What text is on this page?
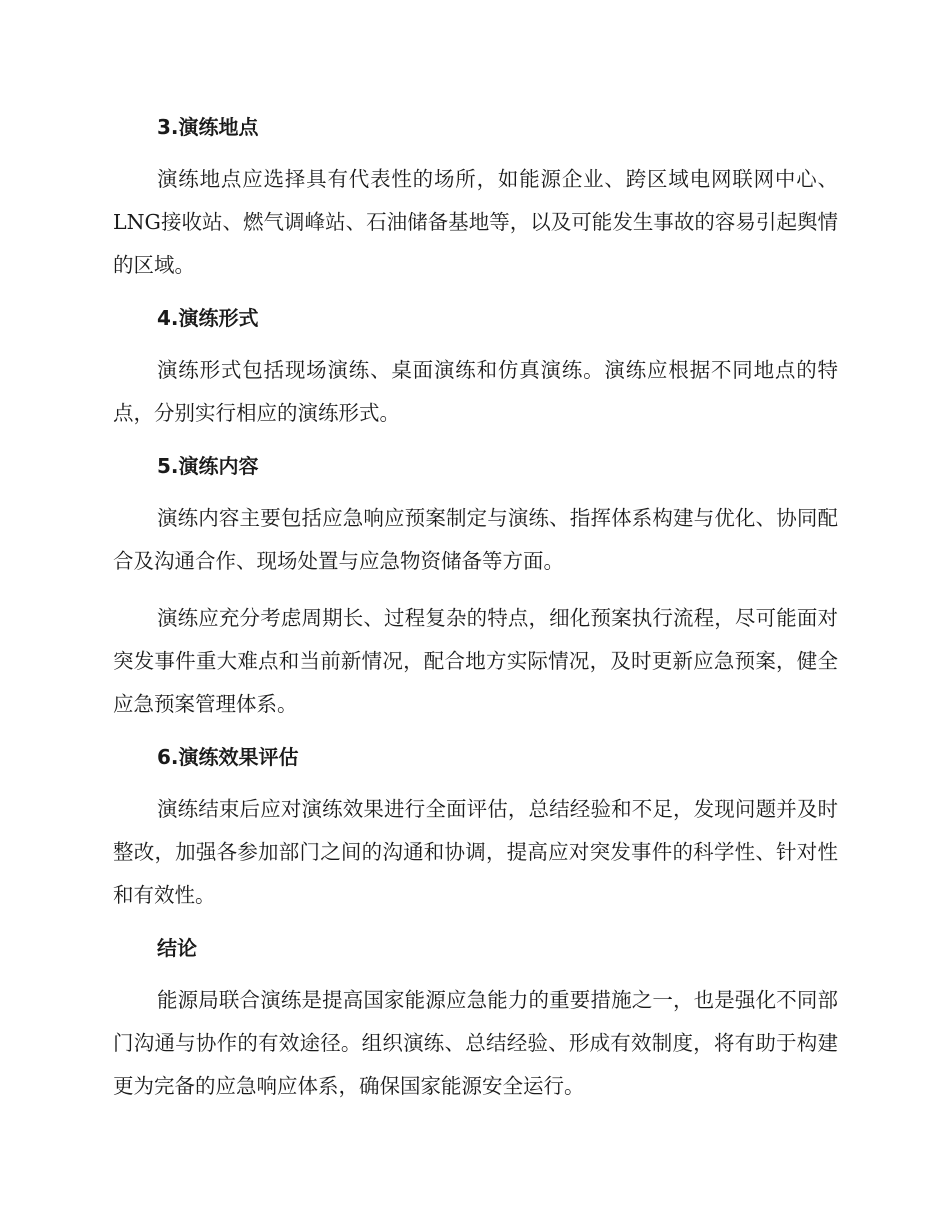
3.演练地点

演练地点应选择具有代表性的场所，如能源企业、跨区域电网联网中心、LNG接收站、燃气调峰站、石油储备基地等，以及可能发生事故的容易引起舆情的区域。

4.演练形式

演练形式包括现场演练、桌面演练和仿真演练。演练应根据不同地点的特点，分别实行相应的演练形式。

5.演练内容

演练内容主要包括应急响应预案制定与演练、指挥体系构建与优化、协同配合及沟通合作、现场处置与应急物资储备等方面。

演练应充分考虑周期长、过程复杂的特点，细化预案执行流程，尽可能面对突发事件重大难点和当前新情况，配合地方实际情况，及时更新应急预案，健全应急预案管理体系。

6.演练效果评估

演练结束后应对演练效果进行全面评估，总结经验和不足，发现问题并及时整改，加强各参加部门之间的沟通和协调，提高应对突发事件的科学性、针对性和有效性。

结论

能源局联合演练是提高国家能源应急能力的重要措施之一，也是强化不同部门沟通与协作的有效途径。组织演练、总结经验、形成有效制度，将有助于构建更为完备的应急响应体系，确保国家能源安全运行。
